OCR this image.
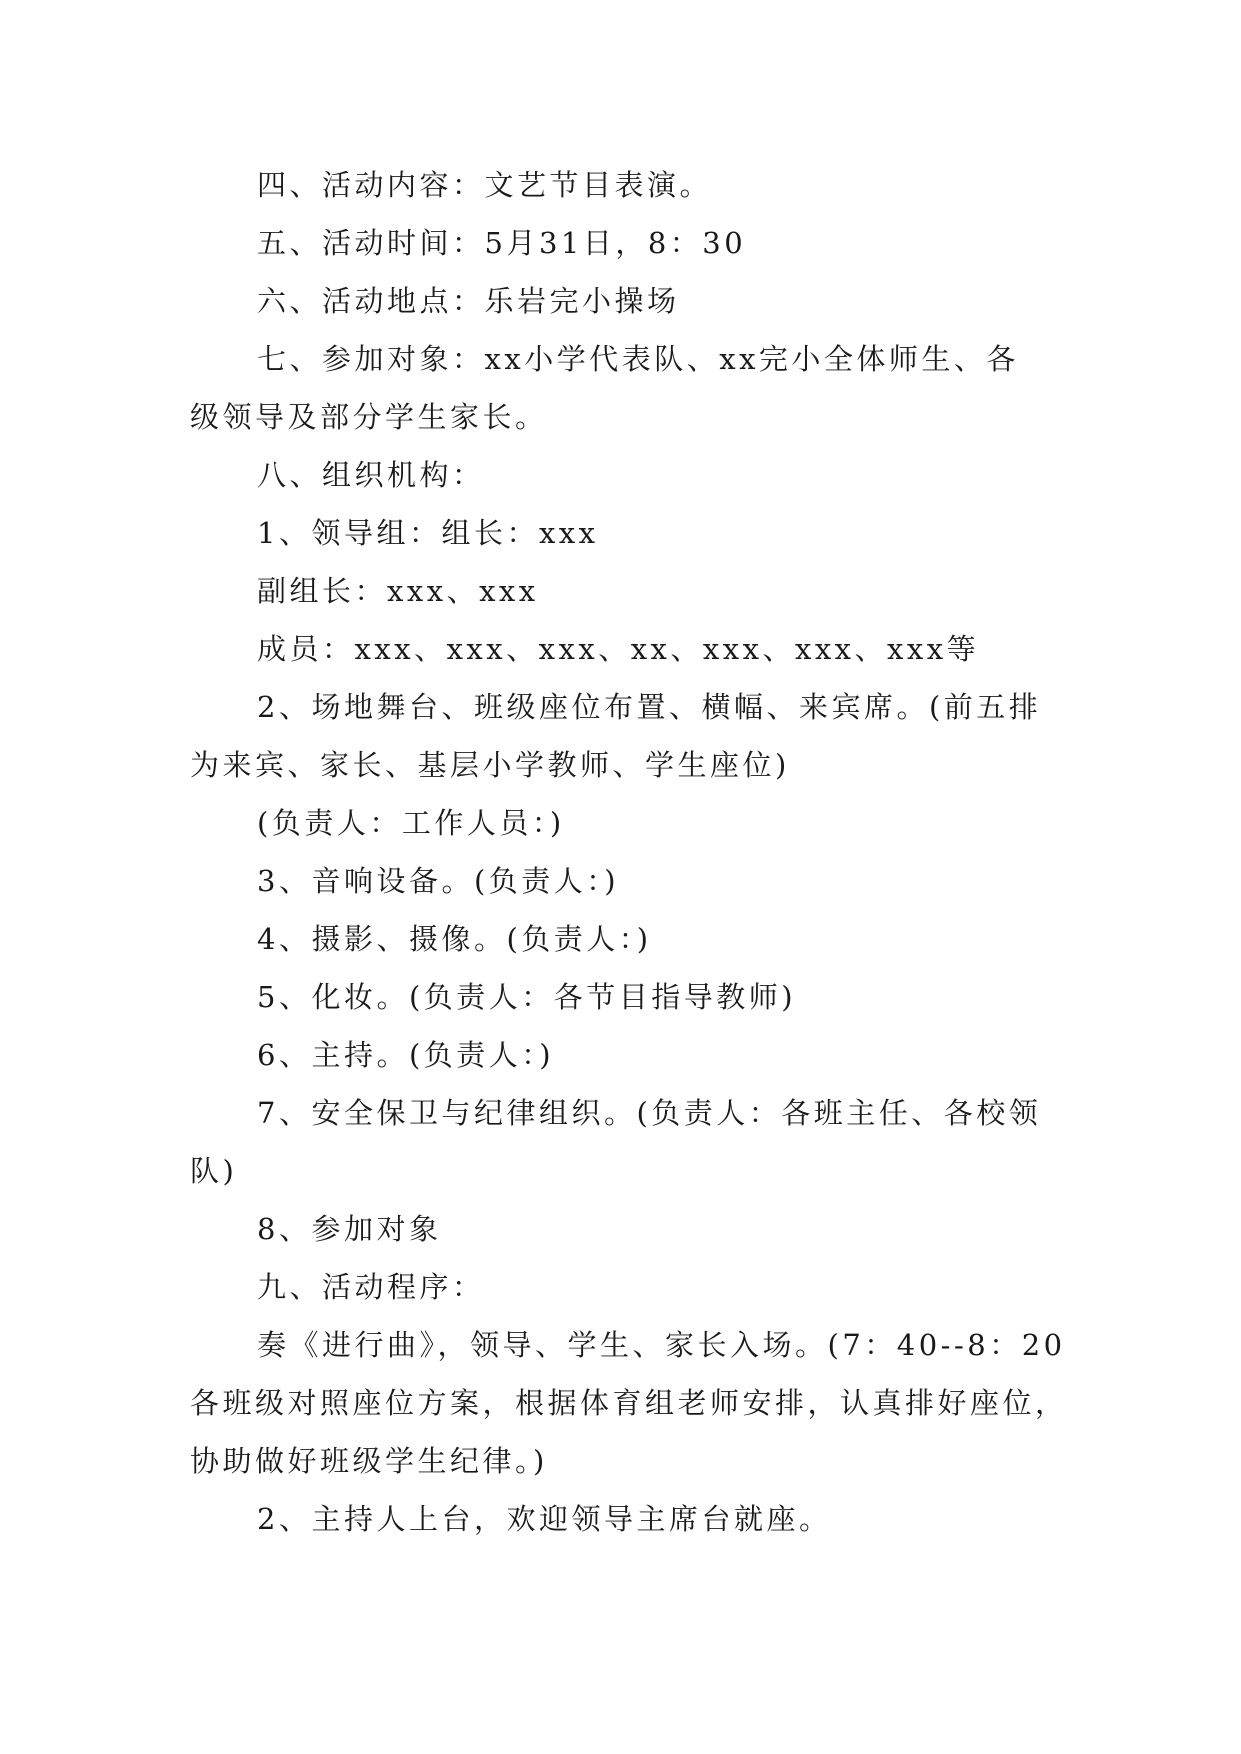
四、活动内容：文艺节目表演。
五、活动时间：5月31日，8：30
六、活动地点：乐岩完小操场
七、参加对象：xx小学代表队、xx完小全体师生、各
级领导及部分学生家长。
八、组织机构：
1、领导组：组长：xxx
副组长：xxx、xxx
成员：xxx、xxx、xxx、xx、xxx、xxx、xxx等
2、场地舞台、班级座位布置、横幅、来宾席。(前五排
为来宾、家长、基层小学教师、学生座位)
(负责人：工作人员：)
3、音响设备。(负责人：)
4、摄影、摄像。(负责人：)
5、化妆。(负责人：各节目指导教师)
6、主持。(负责人：)
7、安全保卫与纪律组织。(负责人：各班主任、各校领
队)
8、参加对象
九、活动程序：
奏《进行曲》，领导、学生、家长入场。(7：40--8：20
各班级对照座位方案，根据体育组老师安排，认真排好座位，
协助做好班级学生纪律。)
2、主持人上台，欢迎领导主席台就座。
